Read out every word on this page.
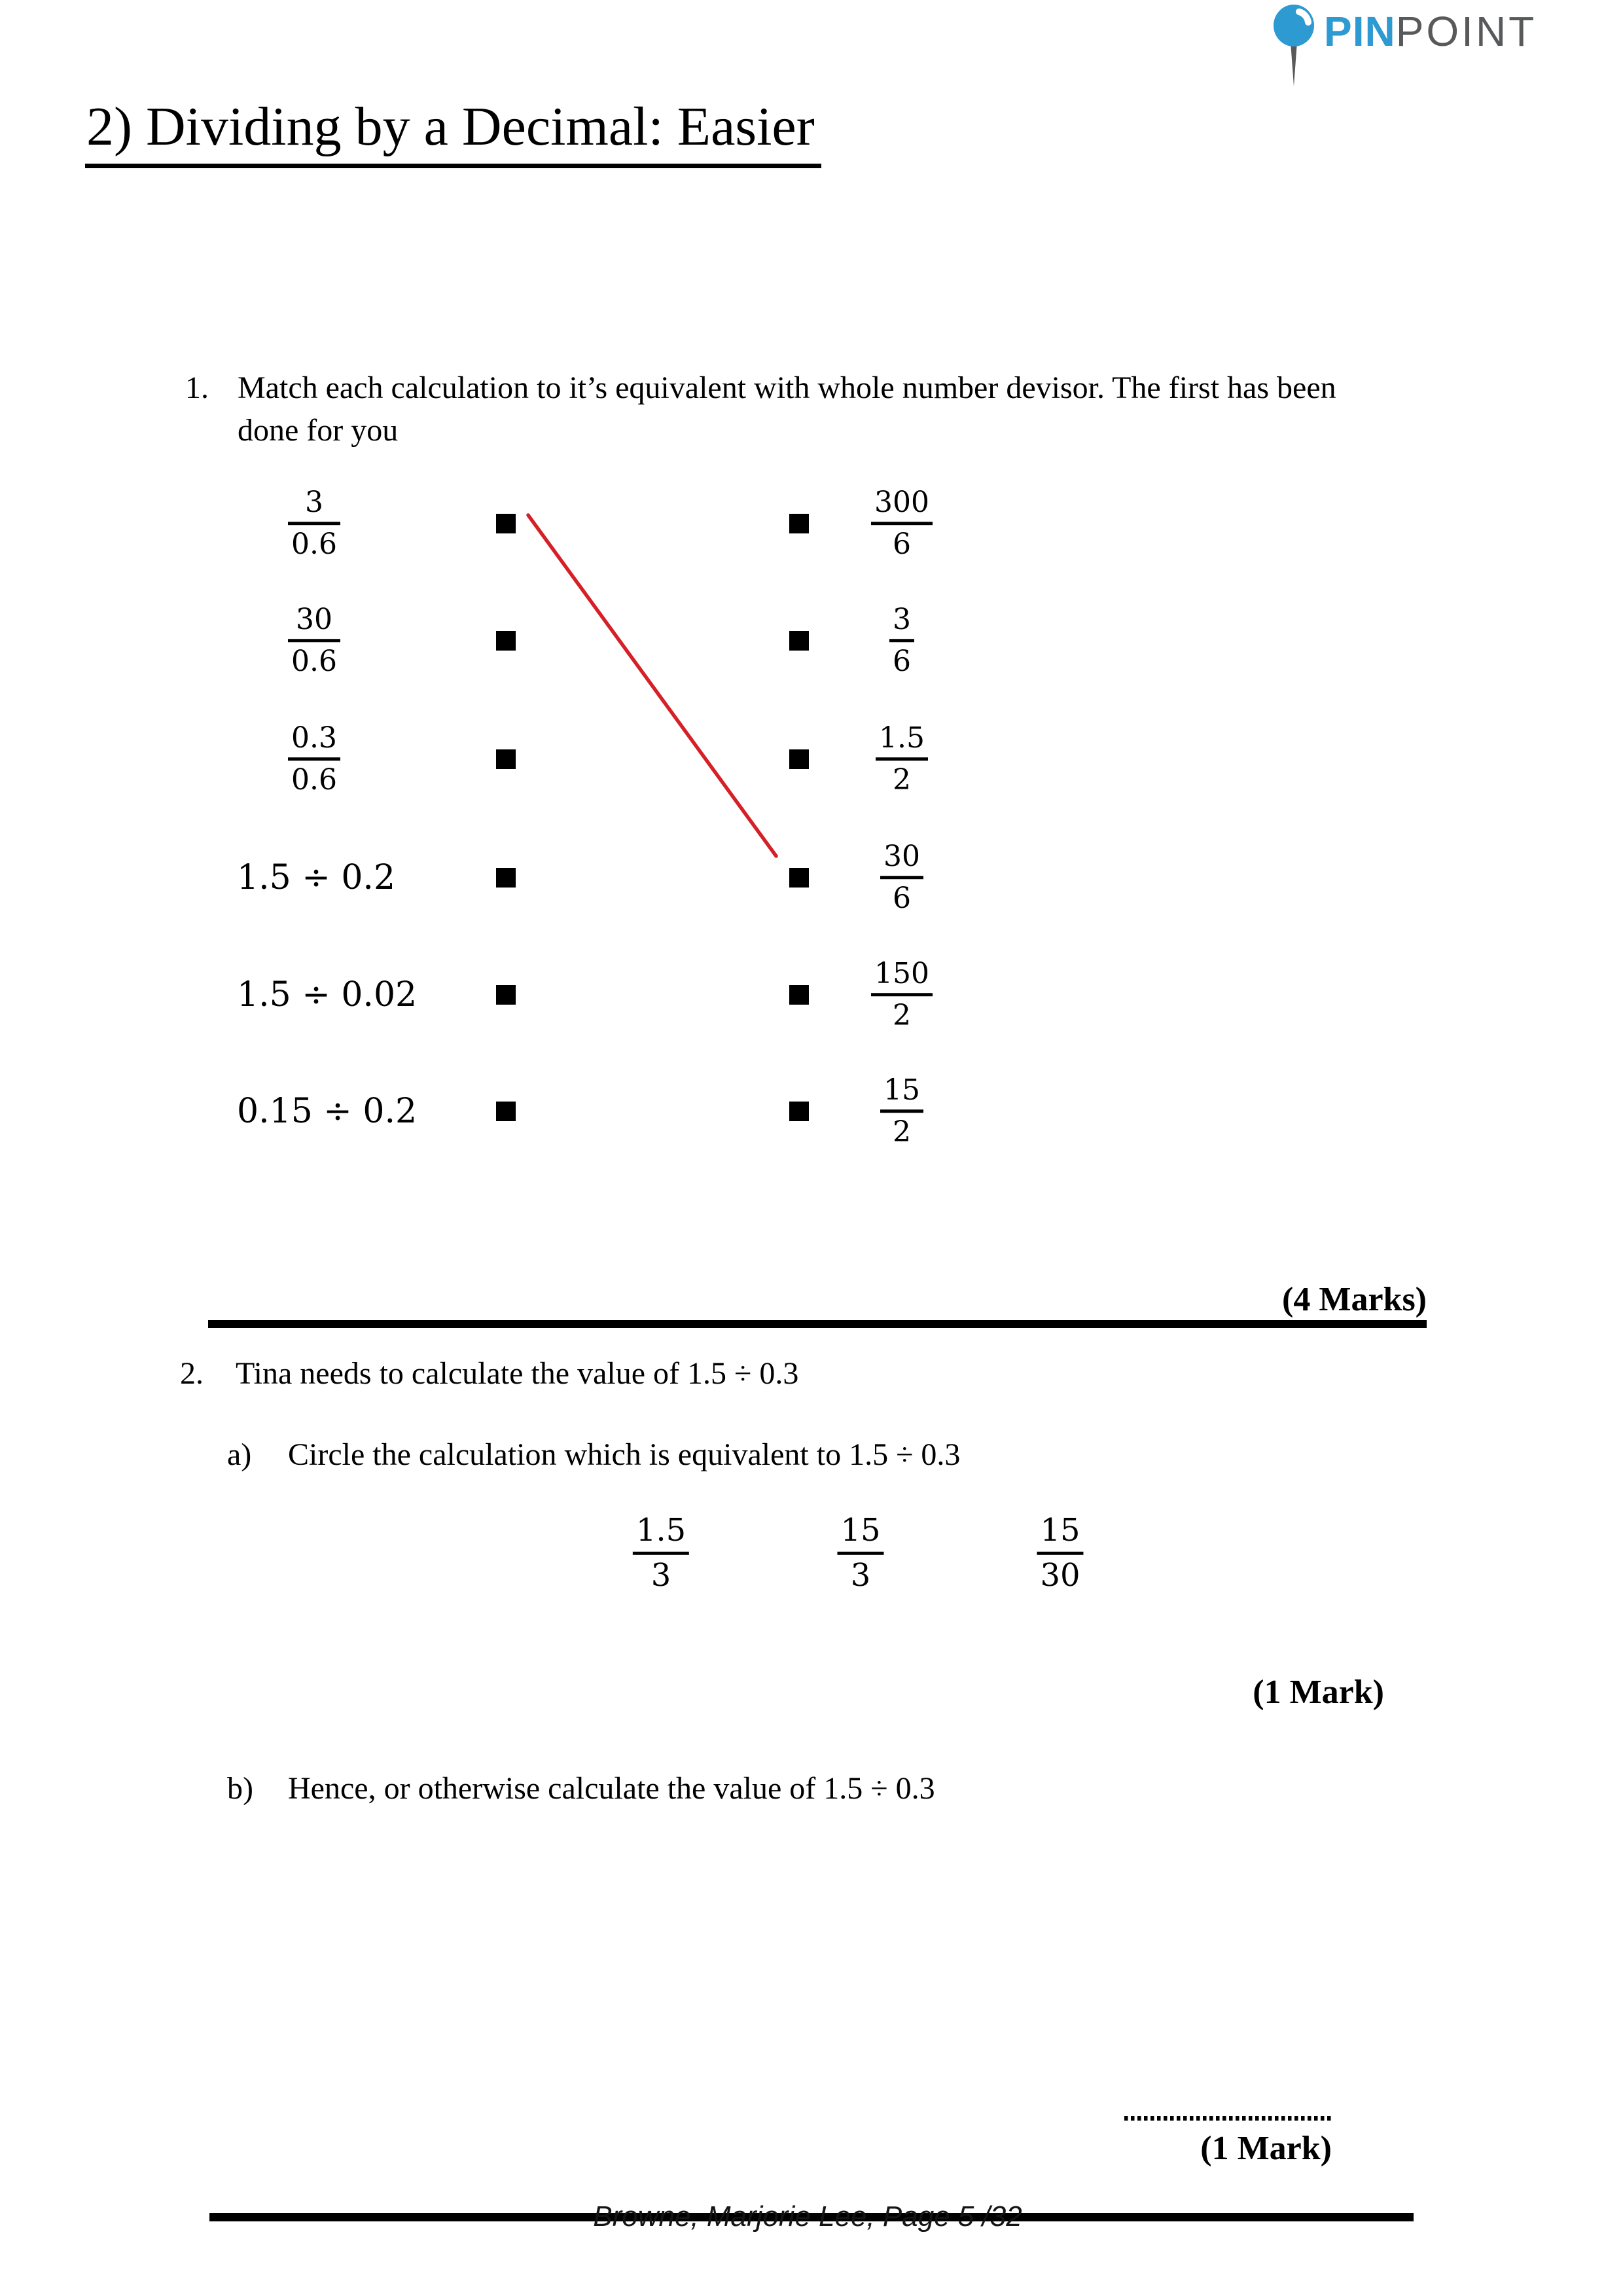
PINPOINT
2) Dividing by a Decimal: Easier
1. Match each calculation to it’s equivalent with whole number devisor. The first has been
done for you
3
0.6
30
0.6
0.3
0.6
1.5 ÷ 0.2
1.5 ÷ 0.02
0.15 ÷ 0.2
300
6
3
6
1.5
2
30
6
150
2
15
2
(4 Marks)
2.	Tina needs to calculate the value of 1.5 ÷ 0.3
a)	Circle the calculation which is equivalent to 1.5 ÷ 0.3
1.5
3
15
3
15
30
(1 Mark)
b)	Hence, or otherwise calculate the value of 1.5 ÷ 0.3
(1 Mark)
Browne, Marjorie Lee, Page 5 /32
